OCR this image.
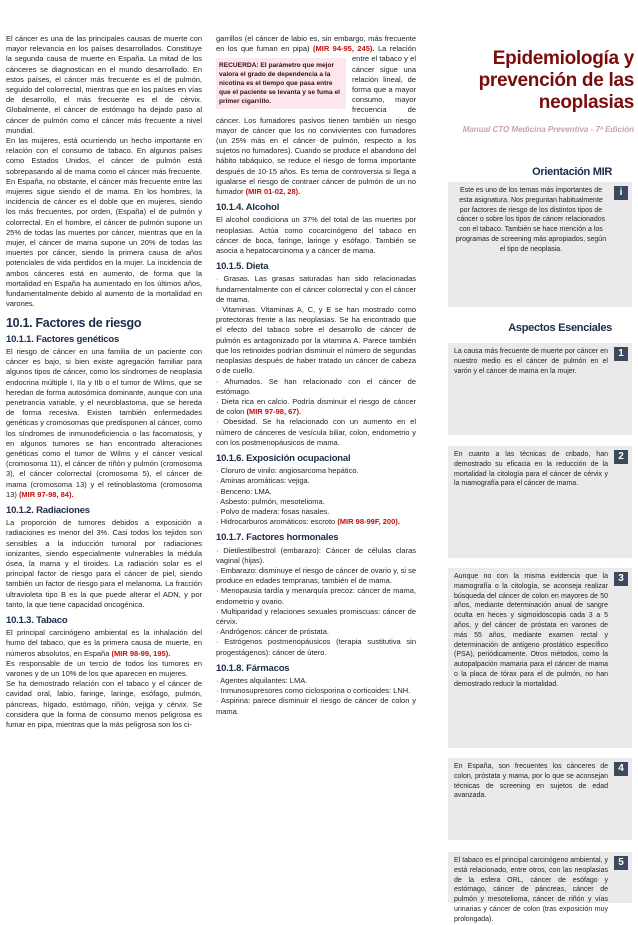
El cáncer es una de las principales causas de muerte con mayor relevancia en los países desarrollados. Constituye la segunda causa de muerte en España. La mitad de los cánceres se diagnostican en el mundo desarrollado. En estos países, el cáncer más frecuente es el de pulmón, seguido del colorrectal, mientras que en los países en vías de desarrollo, el más frecuente es el de cérvix. Globalmente, el cáncer de estómago ha dejado paso al cáncer de pulmón como el cáncer más frecuente a nivel mundial.

En las mujeres, está ocurriendo un hecho importante en relación con el consumo de tabaco. En algunos países como Estados Unidos, el cáncer de pulmón está sobrepasando al de mama como el cáncer más frecuente. En España, no obstante, el cáncer más frecuente entre las mujeres sigue siendo el de mama. En los hombres, la incidencia de cáncer es el doble que en mujeres, siendo los más frecuentes, por orden, (España) el de pulmón y colorrectal. En el hombre, el cáncer de pulmón supone un 25% de todas las muertes por cáncer, mientras que en la mujer, el cáncer de mama supone un 20% de todas las muertes por cáncer, siendo la primera causa de años potenciales de vida perdidos en la mujer. La incidencia de ambos cánceres está en aumento, de forma que la mortalidad en España ha aumentado en los últimos años, fundamentalmente debido al aumento de la mortalidad en varones.

10.1. Factores de riesgo
10.1.1. Factores genéticos

El riesgo de cáncer en una familia de un paciente con cáncer es bajo, si bien existe agregación familiar para algunos tipos de cáncer, como los síndromes de neoplasia endocrina múltiple I, IIa y IIb o el tumor de Wilms, que se heredan de forma autosómica dominante, aunque con una penetrancia variable, y el neuroblastoma, que se hereda de forma recesiva. Existen también enfermedades genéticas y cromosomas que predisponen al cáncer, como los síndromes de inmunodeficiencia o las facomatosis, y en algunos tumores se han encontrado alteraciones genéticas como el tumor de Wilms y el cáncer vesical (cromosoma 11), el cáncer de riñón y pulmón (cromosoma 3), el cáncer colorrectal (cromosoma 5), el cáncer de mama (cromosoma 13) y el retinoblastoma (cromosoma 13) (MIR 97-98, 84).

10.1.2. Radiaciones

La proporción de tumores debidos a exposición a radiaciones es menor del 3%. Casi todos los tejidos son sensibles a la inducción tumoral por radiaciones ionizantes, siendo especialmente vulnerables la médula ósea, la mama y el tiroides. La radiación solar es el principal factor de riesgo para el cáncer de piel, siendo también un factor de riesgo para el melanoma. La fracción ultravioleta tipo B es la que puede alterar el ADN, y por tanto, la que tiene capacidad oncogénica.

10.1.3. Tabaco

El principal carcinógeno ambiental es la inhalación del humo del tabaco, que es la primera causa de muerte, en números absolutos, en España (MIR 98-99, 195).

Es responsable de un tercio de todos los tumores en varones y de un 10% de los que aparecen en mujeres.

Se ha demostrado relación con el tabaco y el cáncer de cavidad oral, labio, faringe, laringe, esófago, pulmón, páncreas, hígado, estómago, riñón, vejiga y cérvix. Se considera que la forma de consumo menos peligrosa es fumar en pipa, mientras que la más peligrosa son los ci-

garrillos (el cáncer de labio es, sin embargo, más frecuente en los que fuman en pipa) (MIR 94-95, 245).
RECUERDA: El parámetro que mejor valora el grado de dependencia a la nicotina es el tiempo que pasa entre que el paciente se levanta y se fuma el primer cigarrillo.
La relación entre el tabaco y el cáncer sigue una relación lineal, de forma que a mayor consumo, mayor frecuencia de cáncer. Los fumadores pasivos tienen también un riesgo mayor de cáncer que los no convivientes con fumadores (un 25% más en el cáncer de pulmón, respecto a los sujetos no fumadores). Cuando se produce el abandono del hábito tabáquico, se reduce el riesgo de forma importante después de 10-15 años. Es tema de controversia si llega a igualarse el riesgo de contraer cáncer de pulmón de un no fumador (MIR 01-02, 28).

10.1.4. Alcohol

El alcohol condiciona un 37% del total de las muertes por neoplasias. Actúa como cocarcinógeno del tabaco en cáncer de boca, faringe, laringe y esófago. También se asocia a hepatocarcinoma y a cáncer de mama.

10.1.5. Dieta

· Grasas. Las grasas saturadas han sido relacionadas fundamentalmente con el cáncer colorrectal y con el cáncer de mama.

· Vitaminas. Vitaminas A, C, y E se han mostrado como protectoras frente a las neoplasias. Se ha encontrado que el efecto del tabaco sobre el desarrollo de cáncer de pulmón es antagonizado por la vitamina A. Parece también que los retinoides podrían disminuir el número de segundas neoplasias después de haber tratado un cáncer de cabeza o de cuello.

· Ahumados. Se han relacionado con el cáncer de estómago.

· Dieta rica en calcio. Podría disminuir el riesgo de cáncer de colon (MIR 97-98, 67).

· Obesidad. Se ha relacionado con un aumento en el número de cánceres de vesícula biliar, colon, endometrio y con los postmenopáusicos de mama.

10.1.6. Exposición ocupacional

· Cloruro de vinilo: angiosarcoma hepático.

· Aminas aromáticas: vejiga.

· Benceno: LMA.

· Asbesto: pulmón, mesotelioma.

· Polvo de madera: fosas nasales.

· Hidrocarburos aromáticos: escroto (MIR 98-99F, 200).

10.1.7. Factores hormonales

· Dietilestilbestrol (embarazo): Cáncer de células claras vaginal (hijas).

· Embarazo: disminuye el riesgo de cáncer de ovario y, si se produce en edades tempranas, también el de mama.

· Menopausia tardía y menarquía precoz: cáncer de mama, endometrio y ovario.

· Multiparidad y relaciones sexuales promiscuas: cáncer de cérvix.

· Andrógenos: cáncer de próstata.

· Estrógenos postmenopáusicos (terapia sustitutiva sin progestágenos): cáncer de útero.

10.1.8. Fármacos

· Agentes alquilantes: LMA.

· Inmunosupresores como ciclosporina o corticoides: LNH.

· Aspirina: parece disminuir el riesgo de cáncer de colon y mama.

Epidemiología y
prevención de las
neoplasias
Manual CTO Medicina Preventiva - 7ª Edición
Orientación MIR
Este es uno de los temas más importantes de esta asignatura. Nos preguntan habitualmente por factores de riesgo de los distintos tipos de cáncer o sobre los tipos de cáncer relacionados con el tabaco. También se hace mención a los programas de screening más apropiados, según el tipo de neoplasia.
i
Aspectos Esenciales
La causa más frecuente de muerte por cáncer en nuestro medio es el cáncer de pulmón en el varón y el cáncer de mama en la mujer.
1
En cuanto a las técnicas de cribado, han demostrado su eficacia en la reducción de la mortalidad la citología para el cáncer de cérvix y la mamografía para el cáncer de mama.
2
Aunque no con la misma evidencia que la mamografía o la citología, se aconseja realizar búsqueda del cáncer de colon en mayores de 50 años, mediante determinación anual de sangre oculta en heces y sigmoidoscopia cada 3 a 5 años, y del cáncer de próstata en varones de más 55 años, mediante examen rectal y determinación de antígeno prostático específico (PSA), periódicamente. Otros métodos, como la autopalpación mamaria para el cáncer de mama o la placa de tórax para el de pulmón, no han demostrado reducir la mortalidad.
3
En España, son frecuentes los cánceres de colon, próstata y mama, por lo que se aconsejan técnicas de screening en sujetos de edad avanzada.
4
El tabaco es el principal carcinógeno ambiental, y está relacionado, entre otros, con las neoplasias de la esfera ORL, cáncer de esófago y estómago, cáncer de páncreas, cáncer de pulmón y mesotelioma, cáncer de riñón y vías urinarias y cáncer de colon (tras exposición muy prolongada).
5
